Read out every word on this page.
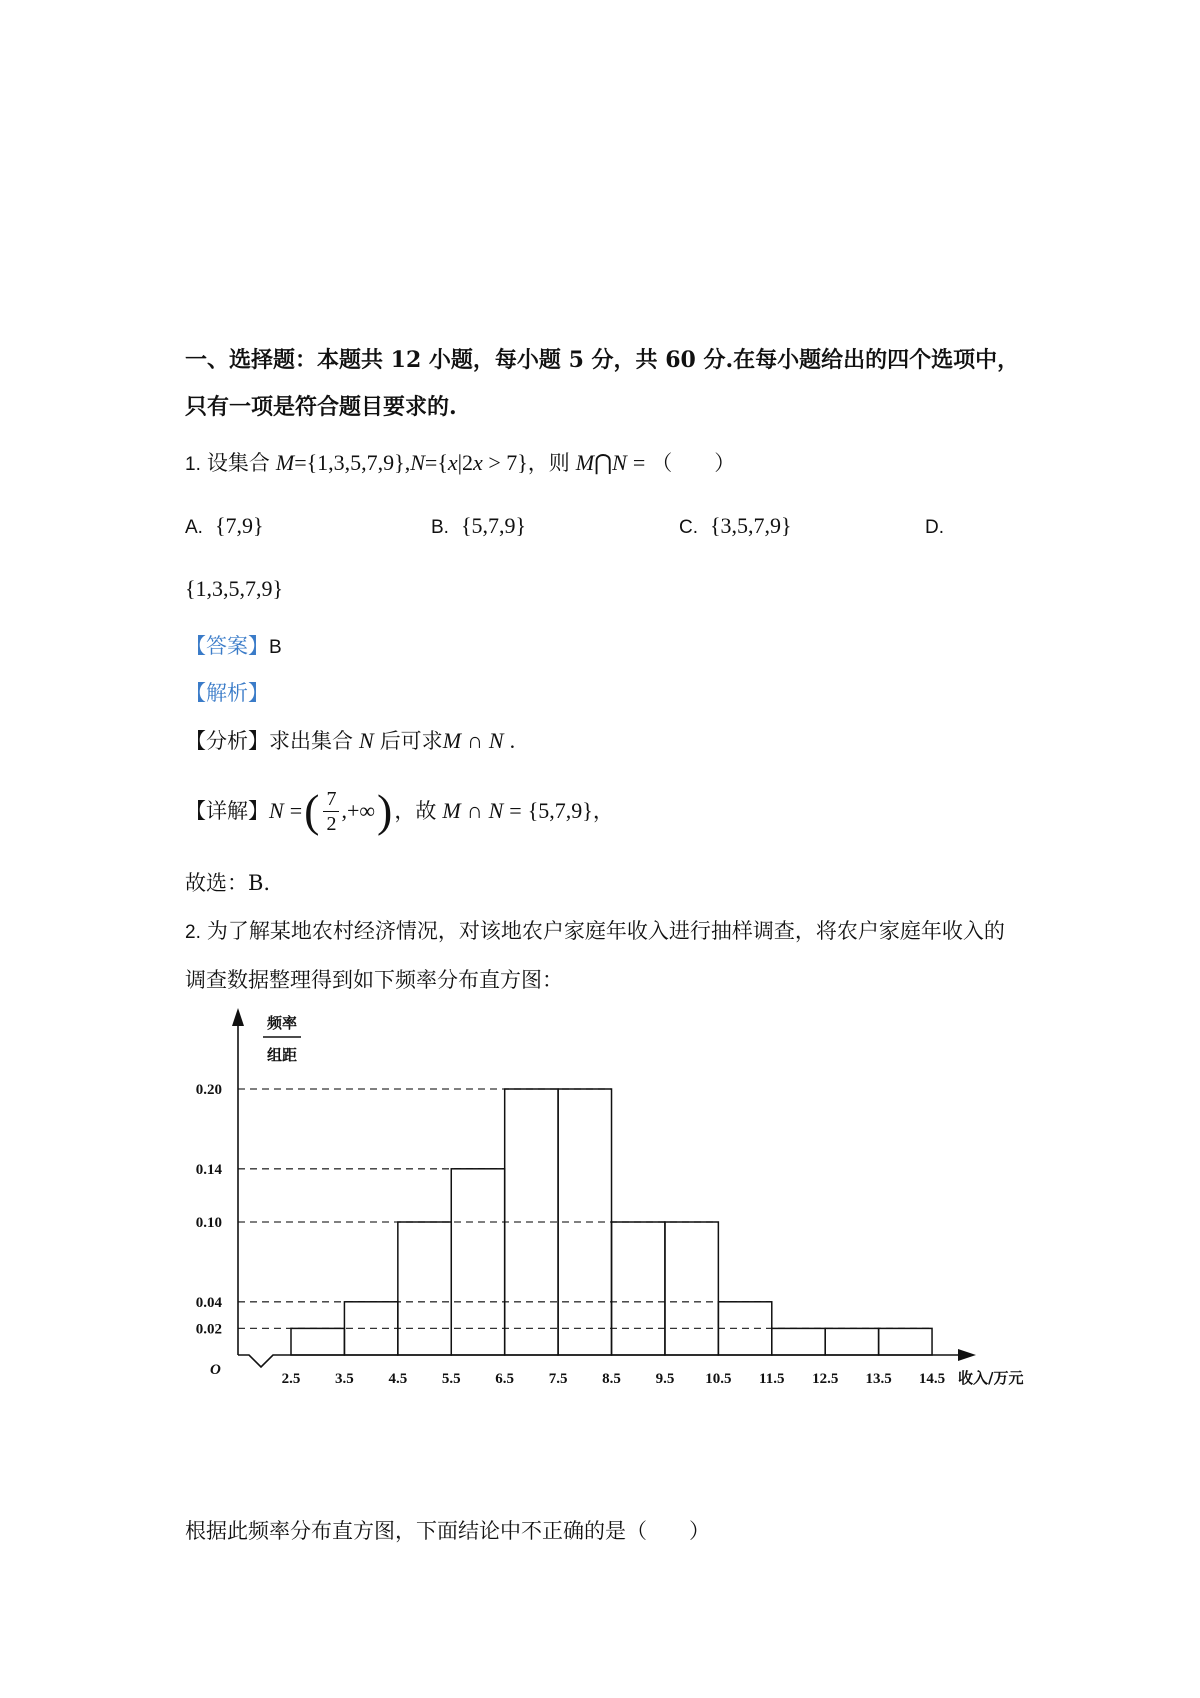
一、选择题：本题共 12 小题，每小题 5 分，共 60 分.在每小题给出的四个选项中，
只有一项是符合题目要求的.
1. 设集合 M={1,3,5,7,9},N={x|2x > 7}，则 M⋂N = （　　）
A. {7,9}	B. {5,7,9}	C. {3,5,7,9}	D.
{1,3,5,7,9}
【答案】B
【解析】
【分析】求出集合 N 后可求M ∩ N .
【详解】 N = ( $\frac{7}{2}$ ,+∞ ) ，故 M ∩ N = {5,7,9} ，
故选：B.
2. 为了解某地农村经济情况，对该地农户家庭年收入进行抽样调查，将农户家庭年收入的
调查数据整理得到如下频率分布直方图：
0.20
0.14
0.10
0.04
0.02
2.5 3.5 4.5 5.5 6.5 7.5 8.5 9.5 10.5 11.5 12.5 13.5 14.5
O	收入/万元
频率
组距
根据此频率分布直方图，下面结论中不正确的是（　　）
